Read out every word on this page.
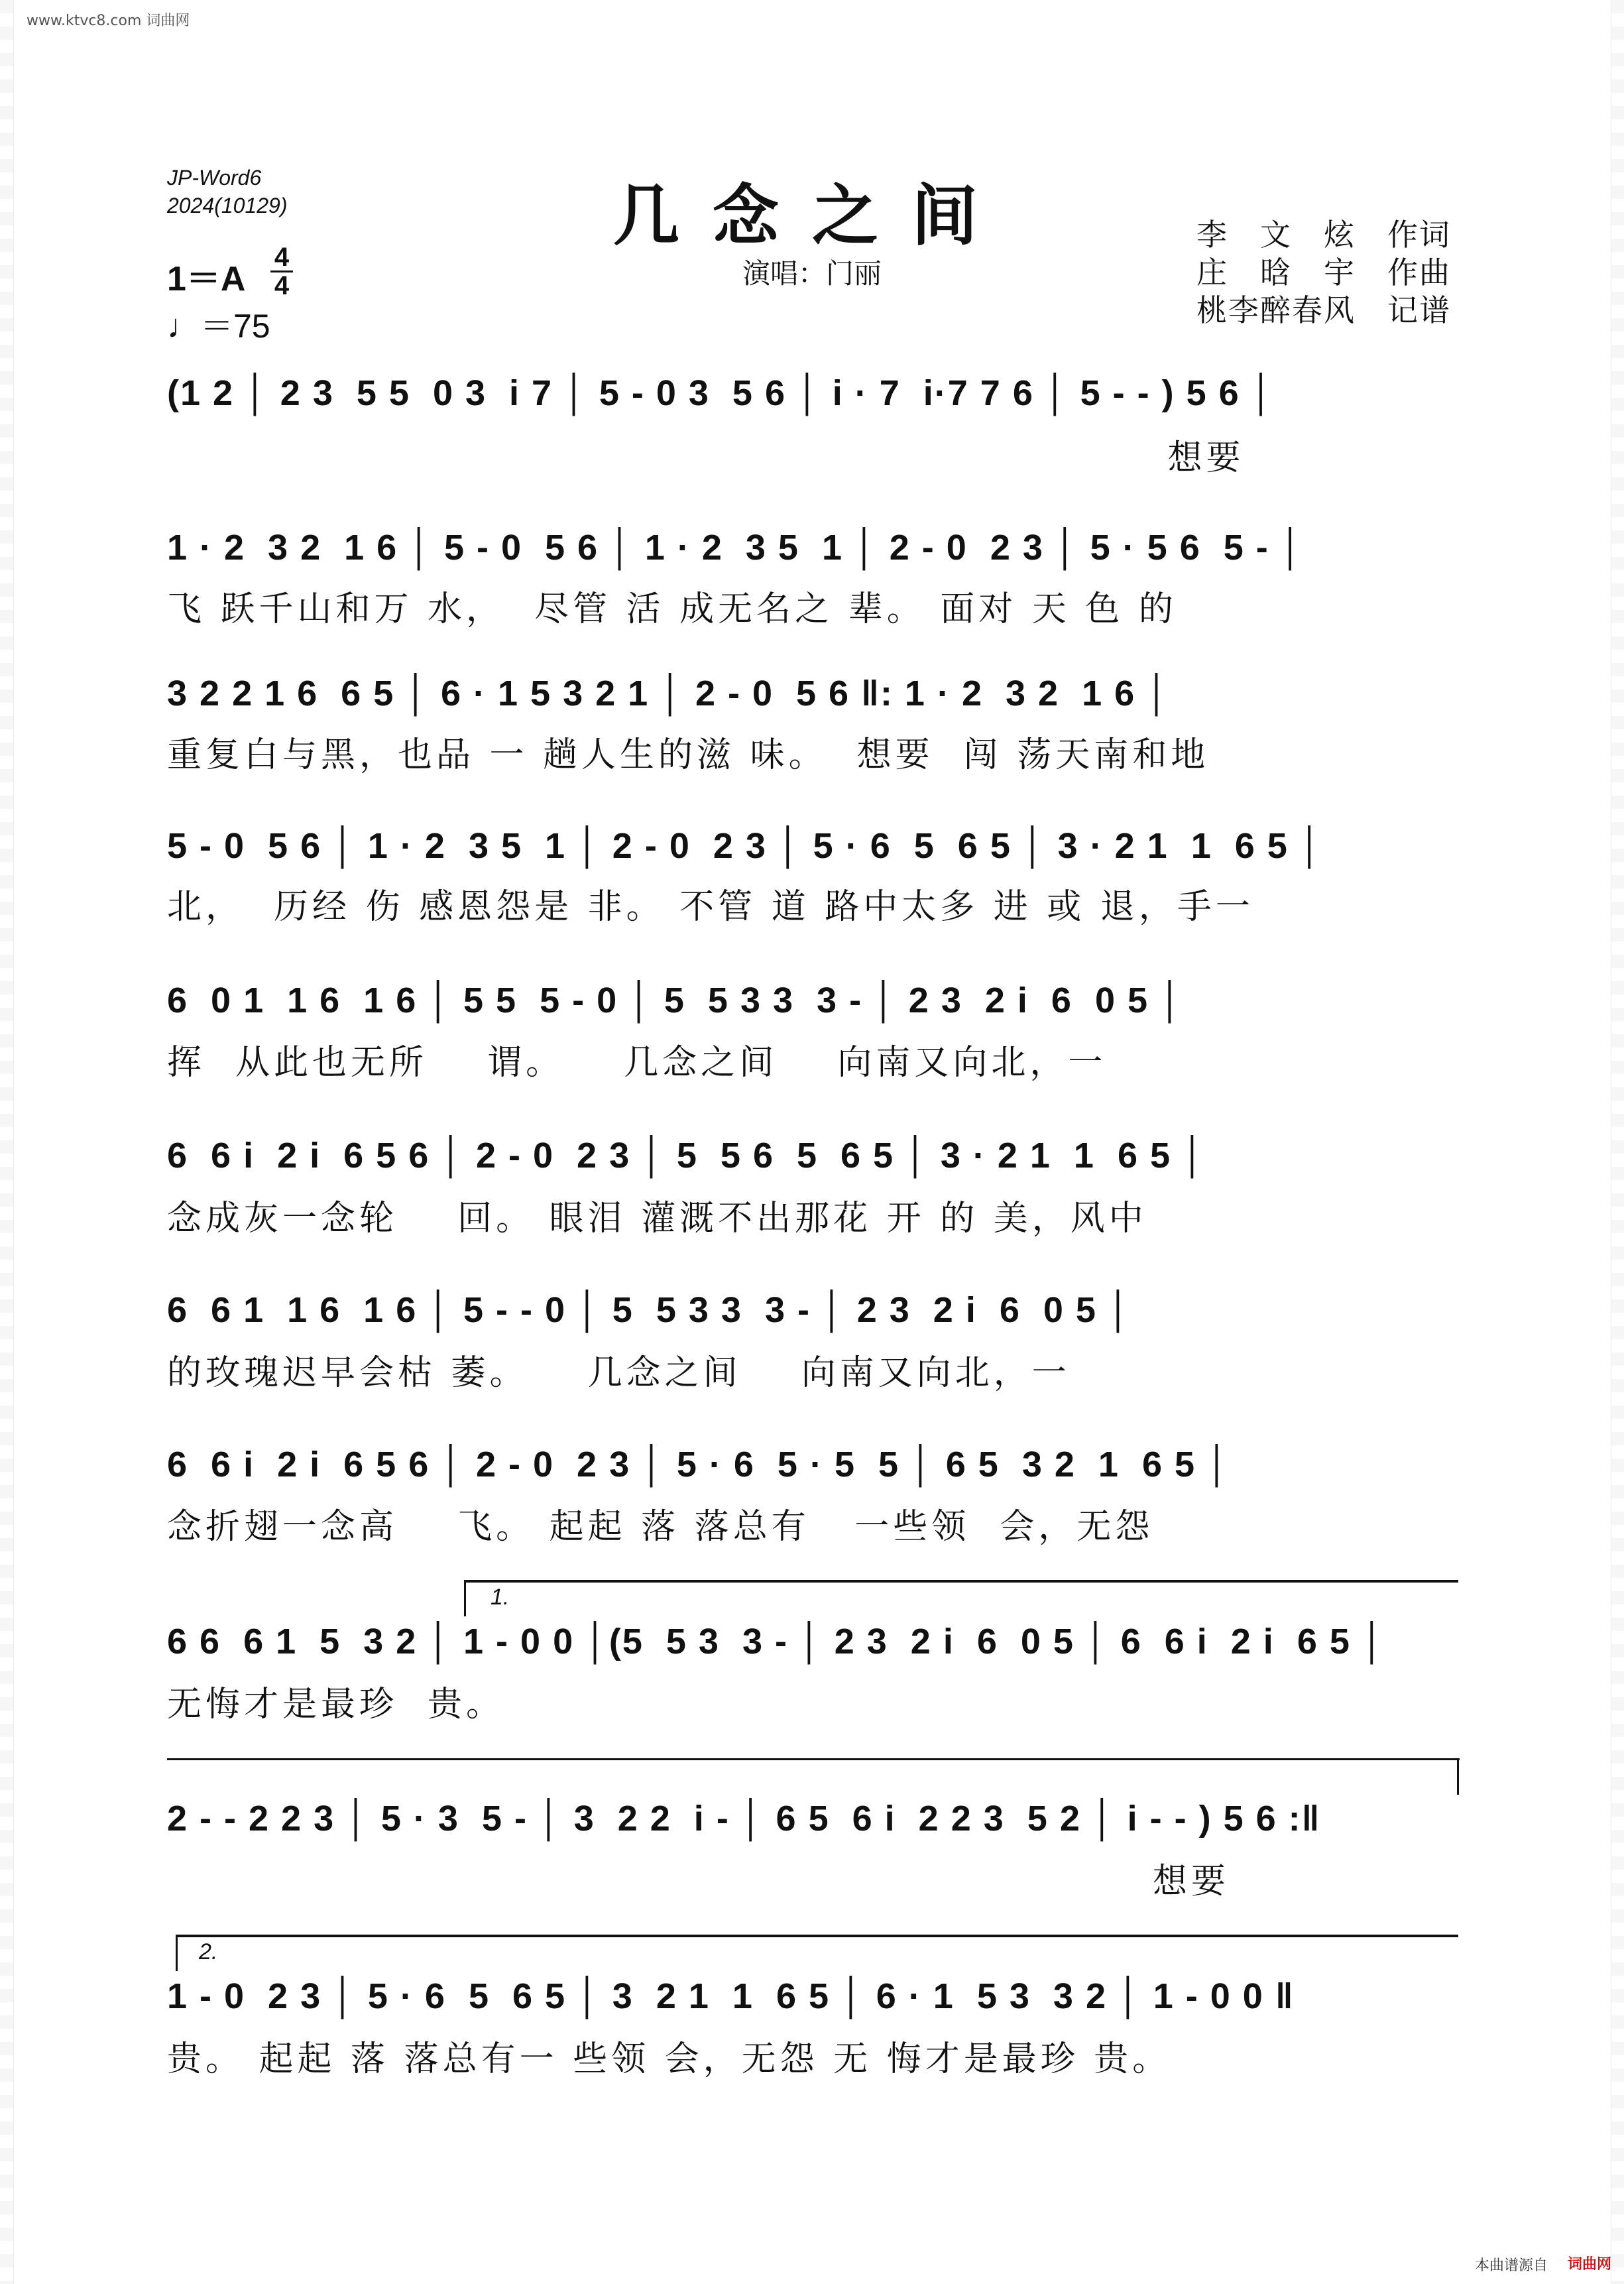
www.ktvc8.com 词曲网
JP-Word6
2024(10129)	几念之间
演唱：门丽
李　文　炫　作词
庄　晗　宇　作曲
桃李醉春风　记谱
1＝A
4
4
♩＝75
(1 2 │ 2 3  5 5  0 3  i 7 │ 5 - 0 3  5 6 │ i · 7  i·7 7 6 │ 5 - - ) 5 6 │
想要
1 · 2  3 2  1 6 │ 5 - 0  5 6 │ 1 · 2  3 5  1 │ 2 - 0  2 3 │ 5 · 5 6  5 - │
飞 跃千山和万 水，  尽管 活 成无名之 辈。 面对 天 色 的
3 2 2 1 6  6 5 │ 6 · 1 5 3 2 1 │ 2 - 0  5 6 ‖: 1 · 2  3 2  1 6 │
重复白与黑，也品 一 趟人生的滋 味。  想要  闯 荡天南和地
5 - 0  5 6 │ 1 · 2  3 5  1 │ 2 - 0  2 3 │ 5 · 6  5  6 5 │ 3 · 2 1  1  6 5 │
北，  历经 伤 感恩怨是 非。 不管 道 路中太多 进 或 退，手一
6  0 1  1 6  1 6 │ 5 5  5 - 0 │ 5  5 3 3  3 - │ 2 3  2 i  6  0 5 │
挥  从此也无所    谓。    几念之间    向南又向北，一
6  6 i  2 i  6 5 6 │ 2 - 0  2 3 │ 5  5 6  5  6 5 │ 3 · 2 1  1  6 5 │
念成灰一念轮    回。 眼泪 灌溉不出那花 开 的 美，风中
6  6 1  1 6  1 6 │ 5 - - 0 │ 5  5 3 3  3 - │ 2 3  2 i  6  0 5 │
的玫瑰迟早会枯 萎。    几念之间    向南又向北，一
6  6 i  2 i  6 5 6 │ 2 - 0  2 3 │ 5 · 6  5 · 5  5 │ 6 5  3 2  1  6 5 │
念折翅一念高    飞。 起起 落 落总有   一些领  会，无怨
1.
6 6  6 1  5  3 2 │ 1 - 0 0 │(5  5 3  3 - │ 2 3  2 i  6  0 5 │ 6  6 i  2 i  6 5 │
无悔才是最珍  贵。
2 - - 2 2 3 │ 5 · 3  5 - │ 3  2 2  i - │ 6 5  6 i  2 2 3  5 2 │ i - - ) 5 6 :‖
想要
2.
1 - 0  2 3 │ 5 · 6  5  6 5 │ 3  2 1  1  6 5 │ 6 · 1  5 3  3 2 │ 1 - 0 0 ‖
贵。 起起 落 落总有一 些领 会，无怨 无 悔才是最珍 贵。
本曲谱源自 词曲网
